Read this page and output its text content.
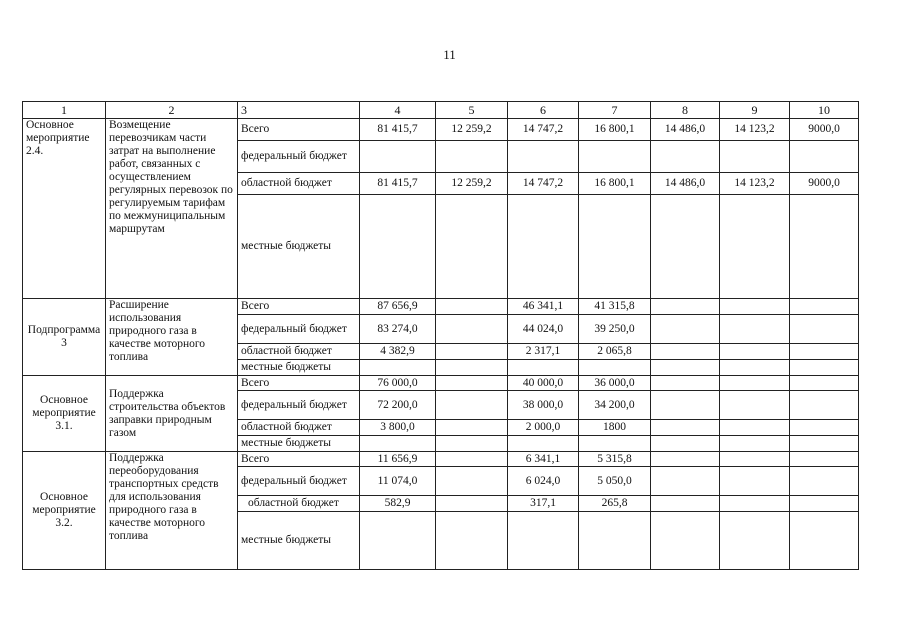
11
1	2	3	4	5	6	7	8	9	10
Основное мероприятие 2.4.	Возмещение перевозчикам части затрат на выполнение работ, связанных с осуществлением регулярных перевозок по регулируемым тарифам по межмуниципальным маршрутам	Всего	81 415,7	12 259,2	14 747,2	16 800,1	14 486,0	14 123,2	9000,0
		федеральный бюджет							
		областной бюджет	81 415,7	12 259,2	14 747,2	16 800,1	14 486,0	14 123,2	9000,0
		местные бюджеты							
Подпрограмма 3	Расширение использования природного газа в качестве моторного топлива	Всего	87 656,9		46 341,1	41 315,8			
		федеральный бюджет	83 274,0		44 024,0	39 250,0			
		областной бюджет	4 382,9		2 317,1	2 065,8			
		местные бюджеты							
Основное мероприятие 3.1.	Поддержка строительства объектов заправки природным газом	Всего	76 000,0		40 000,0	36 000,0			
		федеральный бюджет	72 200,0		38 000,0	34 200,0			
		областной бюджет	3 800,0		2 000,0	1800			
		местные бюджеты							
Основное мероприятие 3.2.	Поддержка переоборудования транспортных средств для использования природного газа в качестве моторного топлива	Всего	11 656,9		6 341,1	5 315,8			
		федеральный бюджет	11 074,0		6 024,0	5 050,0			
		областной бюджет	582,9		317,1	265,8			
		местные бюджеты							
